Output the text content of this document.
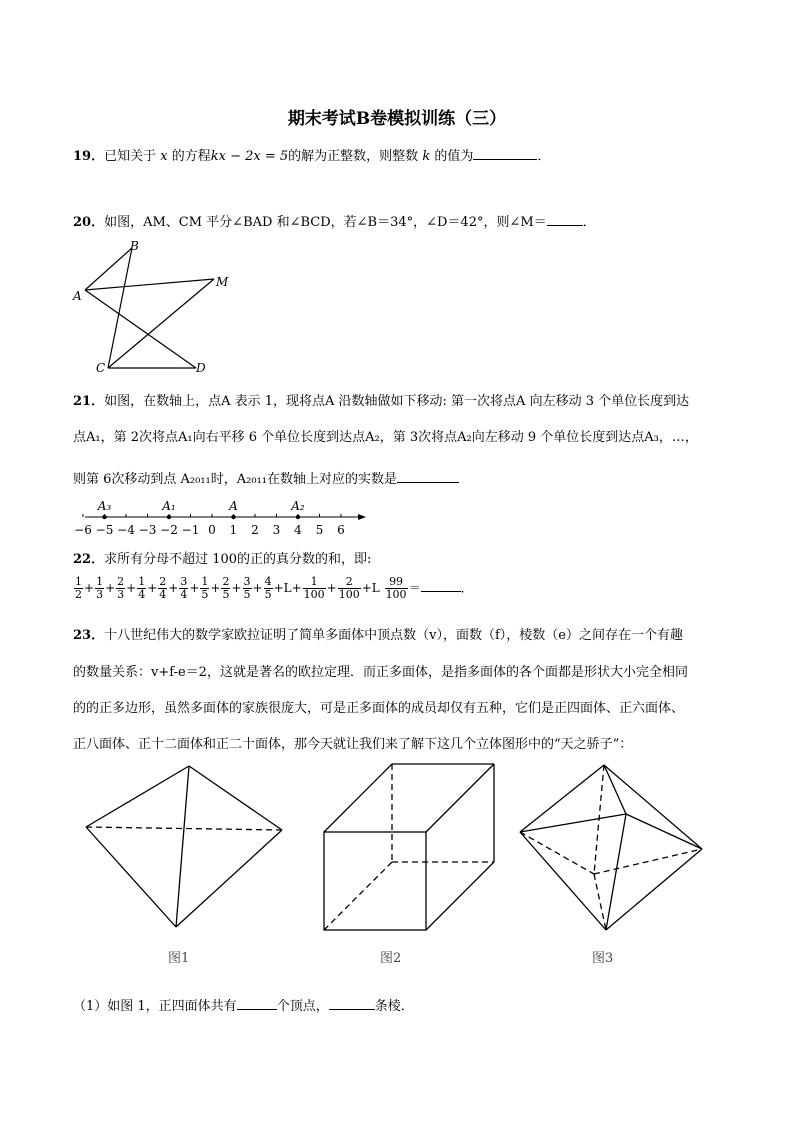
期末考试B卷模拟训练（三）
19．已知关于 x 的方程kx − 2x = 5的解为正整数，则整数 k 的值为	．
20．如图，AM、CM 平分∠BAD 和∠BCD，若∠B＝34°，∠D＝42°，则∠M＝	．
B
A
M
C	D
21．如图，在数轴上，点A 表示 1，现将点A 沿数轴做如下移动: 第一次将点A 向左移动 3 个单位长度到达
点A₁，第 2次将点A₁向右平移 6 个单位长度到达点A₂，第 3次将点A₂向左移动 9 个单位长度到达点A₃，…，
则第 6次移动到点 A₂₀₁₁时，A₂₀₁₁在数轴上对应的实数是
−6 −5 −4 −3 −2 −1 0 1 2 3 4 5 6
A₃	A₁	A	A₂
22．求所有分母不超过 100的正的真分数的和，即:
$\frac{1}{2} + \frac{1}{3} + \frac{2}{3} + \frac{1}{4} + \frac{2}{4} + \frac{3}{4} + \frac{1}{5} + \frac{2}{5} + \frac{3}{5} + \frac{4}{5} +L+ \frac{1}{100} + \frac{2}{100} +L \frac{99}{100}$ ＝	．
23．十八世纪伟大的数学家欧拉证明了简单多面体中顶点数（v），面数（f），棱数（e）之间存在一个有趣
的数量关系：v+f-e＝2，这就是著名的欧拉定理．而正多面体，是指多面体的各个面都是形状大小完全相同
的的正多边形，虽然多面体的家族很庞大，可是正多面体的成员却仅有五种，它们是正四面体、正六面体、
正八面体、正十二面体和正二十面体，那今天就让我们来了解下这几个立体图形中的“天之骄子”：
图1	图2	图3
（1）如图 1，正四面体共有	个顶点，	条棱．
